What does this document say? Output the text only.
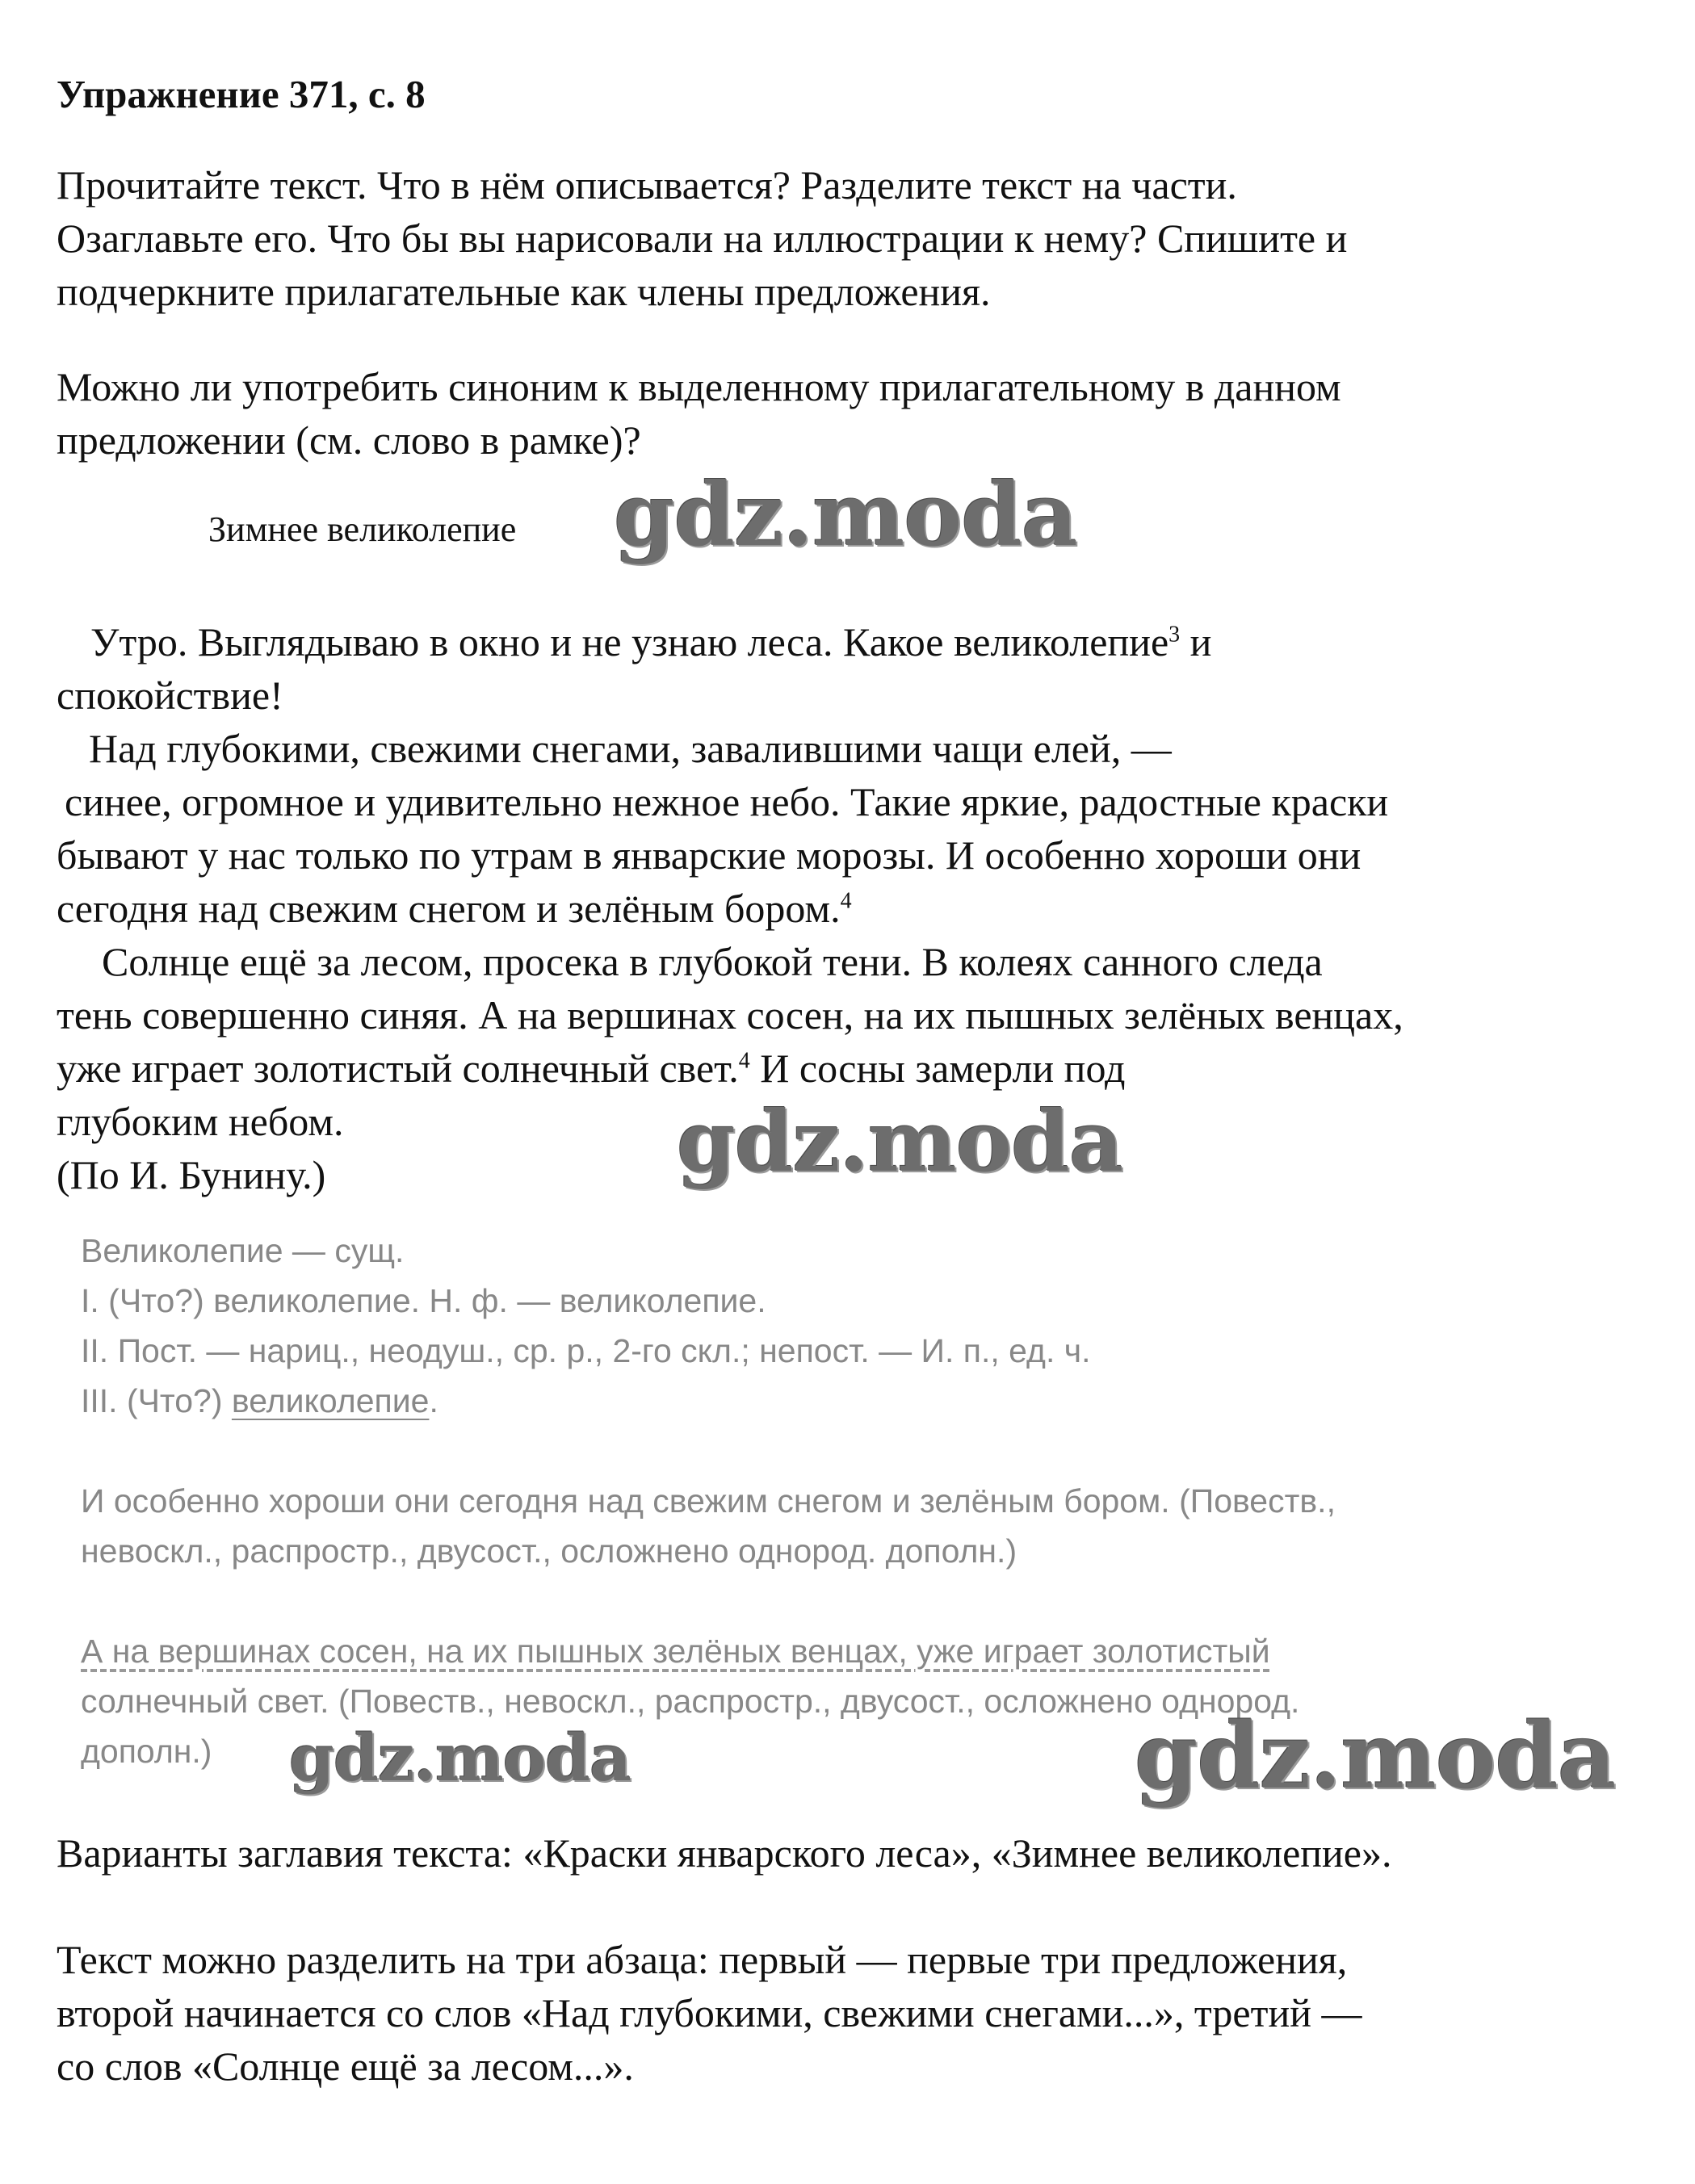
Упражнение 371, с. 8
Прочитайте текст. Что в нём описывается? Разделите текст на части.
Озаглавьте его. Что бы вы нарисовали на иллюстрации к нему? Спишите и
подчеркните прилагательные как члены предложения.
Можно ли употребить синоним к выделенному прилагательному в данном
предложении (см. слово в рамке)?
Зимнее великолепие gdz.moda
Утро. Выглядываю в окно и не узнаю леса. Какое великолепие$^3$ и
спокойствие!
Над глубокими, свежими снегами, завалившими чащи елей, —
синее, огромное и удивительно нежное небо. Такие яркие, радостные краски
бывают у нас только по утрам в январские морозы. И особенно хороши они
сегодня над свежим снегом и зелёным бором.$^4$
Солнце ещё за лесом, просека в глубокой тени. В колеях санного следа
тень совершенно синяя. А на вершинах сосен, на их пышных зелёных венцах,
уже играет золотистый солнечный свет.$^4$ И сосны замерли под
глубоким небом.
(По И. Бунину.)	gdz.moda
Великолепие — сущ.
I. (Что?) великолепие. Н. ф. — великолепие.
II. Пост. — нариц., неодуш., ср. р., 2-го скл.; непост. — И. п., ед. ч.
III. (Что?) великолепие.
И особенно хороши они сегодня над свежим снегом и зелёным бором. (Повеств.,
невоскл., распростр., двусост., осложнено однород. дополн.)
А на вершинах сосен, на их пышных зелёных венцах, уже играет золотистый
солнечный свет. (Повеств., невоскл., распростр., двусост., осложнено однород.
дополн.)	gdz.moda	gdz.moda
Варианты заглавия текста: «Краски январского леса», «Зимнее великолепие».
Текст можно разделить на три абзаца: первый — первые три предложения,
второй начинается со слов «Над глубокими, свежими снегами...», третий —
со слов «Солнце ещё за лесом...».
